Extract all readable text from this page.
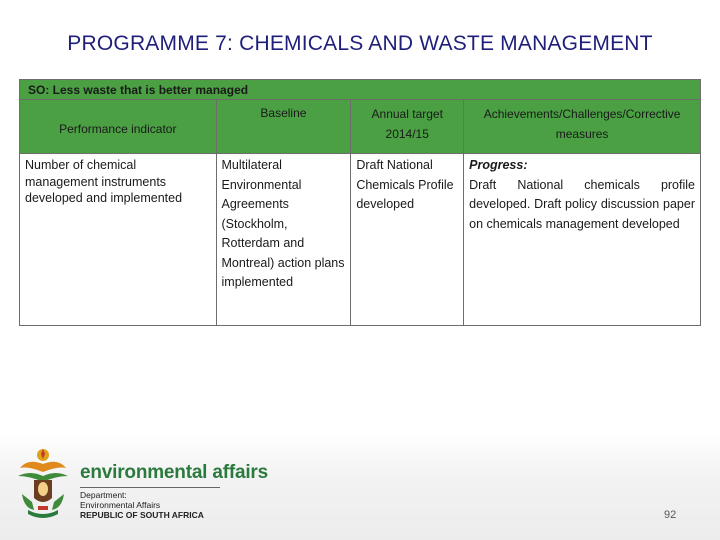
PROGRAMME 7: CHEMICALS AND WASTE MANAGEMENT
SO: Less waste that is better managed			
Performance indicator	Baseline	Annual target 2014/15	Achievements/Challenges/Corrective measures
Number of chemical management instruments developed and implemented	Multilateral Environmental Agreements (Stockholm, Rotterdam and Montreal) action plans implemented	Draft National Chemicals Profile developed	Progress:
Draft National chemicals profile developed. Draft policy discussion paper on chemicals management developed
environmental affairs
Department:
Environmental Affairs
REPUBLIC OF SOUTH AFRICA	92
